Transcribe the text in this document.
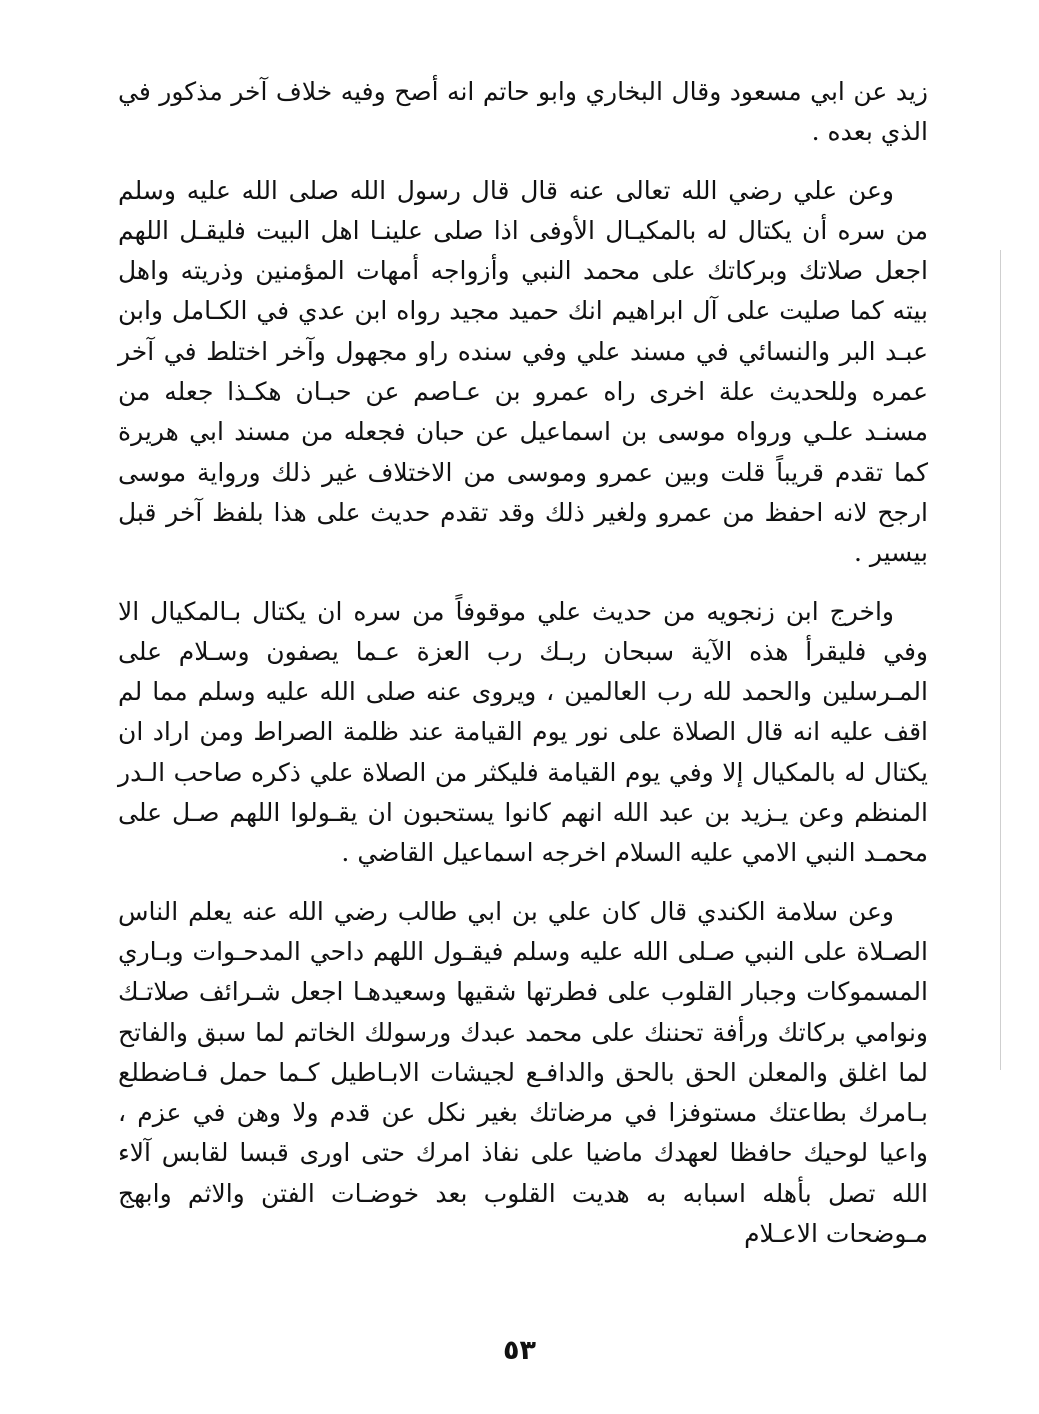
زيد عن ابي مسعود وقال البخاري وابو حاتم انه أصح وفيه خلاف آخر مذكور في الذي بعده .

وعن علي رضي الله تعالى عنه قال قال رسول الله صلى الله عليه وسلم من سره أن يكتال له بالمكيـال الأوفى اذا صلى علينـا اهل البيت فليقـل اللهم اجعل صلاتك وبركاتك على محمد النبي وأزواجه أمهات المؤمنين وذريته واهل بيته كما صليت على آل ابراهيم انك حميد مجيد رواه ابن عدي في الكـامل وابن عبـد البر والنسائي في مسند علي وفي سنده راو مجهول وآخر اختلط في آخر عمره وللحديث علة اخرى راه عمرو بن عـاصم عن حبـان هكـذا جعله من مسنـد علـي ورواه موسى بن اسماعيل عن حبان فجعله من مسند ابي هريرة كما تقدم قريباً قلت وبين عمرو وموسى من الاختلاف غير ذلك ورواية موسى ارجح لانه احفظ من عمرو ولغير ذلك وقد تقدم حديث على هذا بلفظ آخر قبل بيسير .

واخرج ابن زنجويه من حديث علي موقوفاً من سره ان يكتال بـالمكيال الا وفي فليقرأ هذه الآية سبحان ربـك رب العزة عـما يصفون وسـلام على المـرسلين والحمد لله رب العالمين ، ويروى عنه صلى الله عليه وسلم مما لم اقف عليه انه قال الصلاة على نور يوم القيامة عند ظلمة الصراط ومن اراد ان يكتال له بالمكيال إلا وفي يوم القيامة فليكثر من الصلاة علي ذكره صاحب الـدر المنظم وعن يـزيد بن عبد الله انهم كانوا يستحبون ان يقـولوا اللهم صـل على محمـد النبي الامي عليه السلام اخرجه اسماعيل القاضي .

وعن سلامة الكندي قال كان علي بن ابي طالب رضي الله عنه يعلم الناس الصـلاة على النبي صـلى الله عليه وسلم فيقـول اللهم داحي المدحـوات وبـاري المسموكات وجبار القلوب على فطرتها شقيها وسعيدهـا اجعل شـرائف صلاتـك ونوامي بركاتك ورأفة تحننك على محمد عبدك ورسولك الخاتم لما سبق والفاتح لما اغلق والمعلن الحق بالحق والدافـع لجيشات الابـاطيل كـما حمل فـاضطلع بـامرك بطاعتك مستوفزا في مرضاتك بغير نكل عن قدم ولا وهن في عزم ، واعيا لوحيك حافظا لعهدك ماضيا على نفاذ امرك حتى اورى قبسا لقابس آلاء الله تصل بأهله اسبابه به هديت القلوب بعد خوضـات الفتن والاثم وابهج مـوضحات الاعـلام

٥٣
